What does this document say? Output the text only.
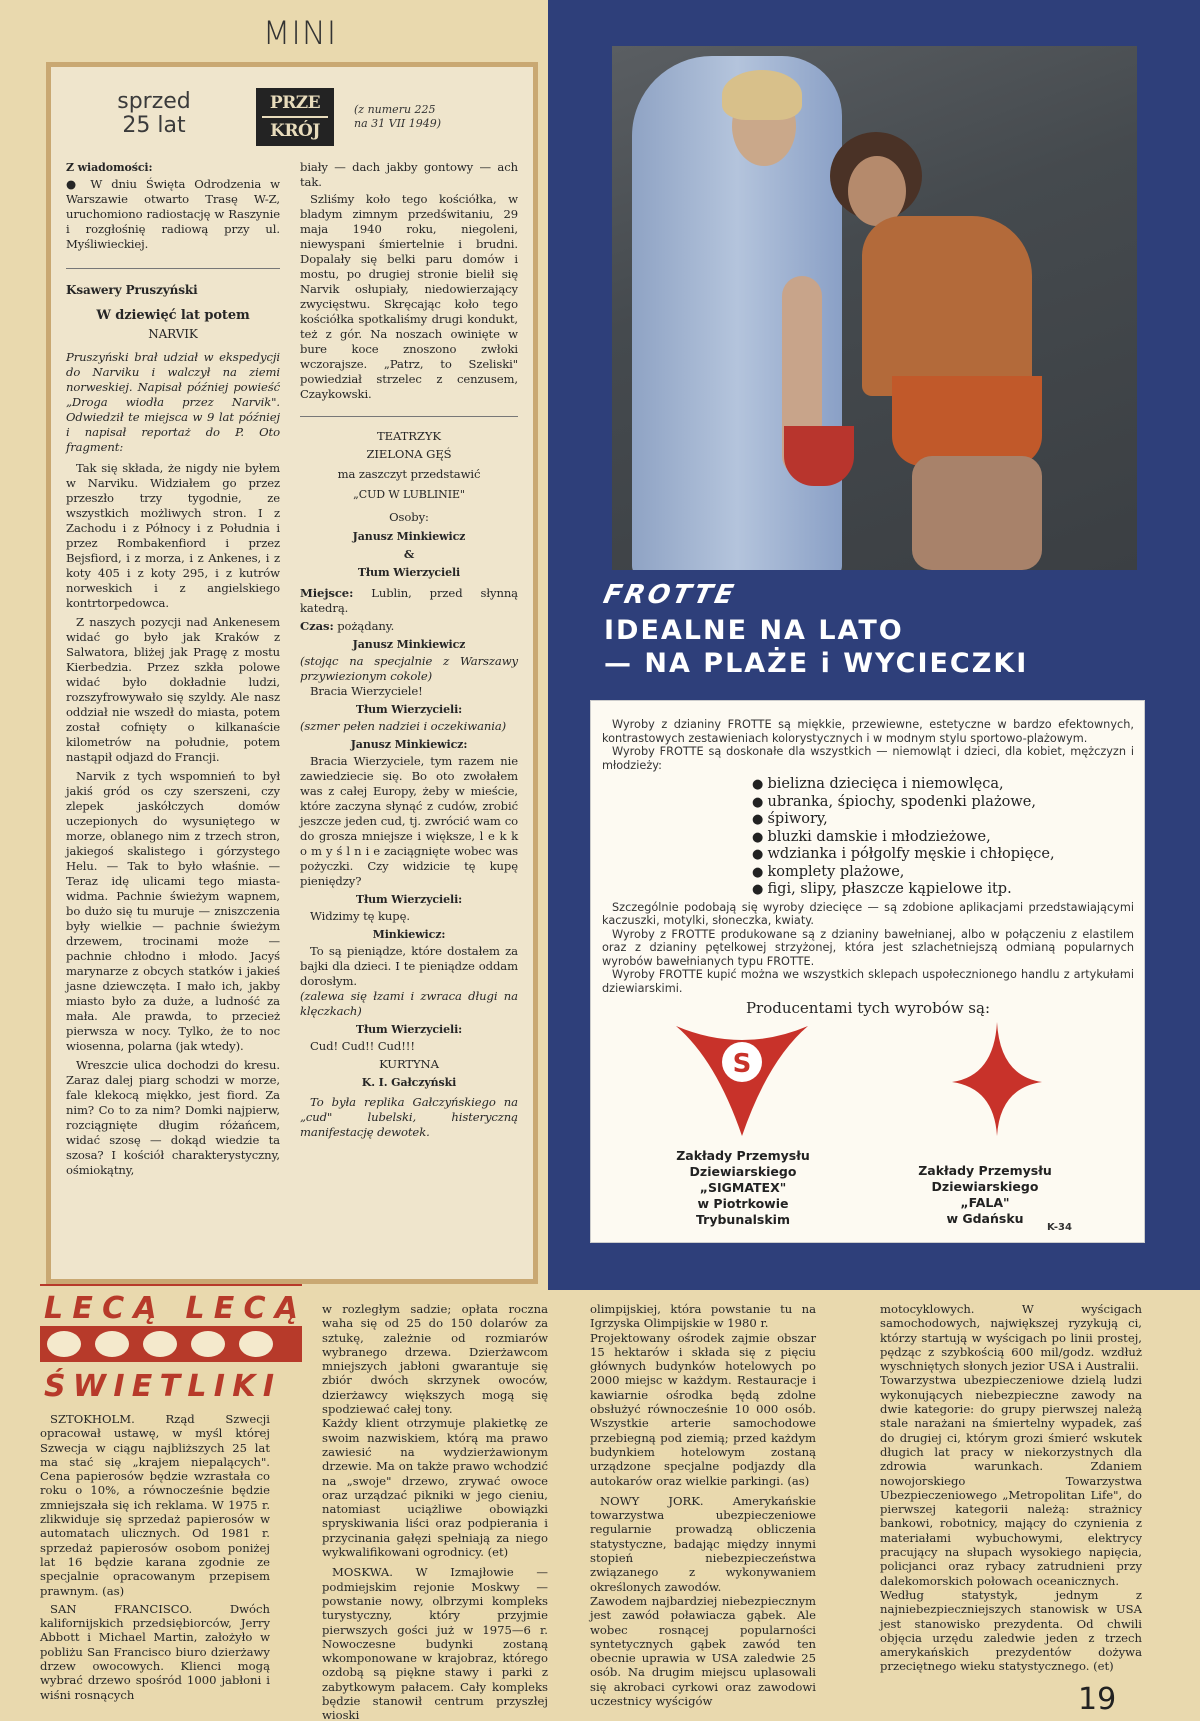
MINI
sprzed
25 lat
PRZE
KRÓJ
(z numeru 225
na 31 VII 1949)
Z wiadomości:
● W dniu Święta Odrodzenia w Warszawie otwarto Trasę W-Z, uruchomiono radiostację w Raszynie i rozgłośnię radiową przy ul. Myśliwieckiej.
Ksawery Pruszyński
W dziewięć lat potem
NARVIK
Pruszyński brał udział w ekspedycji do Narviku i walczył na ziemi norweskiej. Napisał później powieść „Droga wiodła przez Narvik". Odwiedził te miejsca w 9 lat później i napisał reportaż do P. Oto fragment:
Tak się składa, że nigdy nie byłem w Narviku. Widziałem go przez przeszło trzy tygodnie, ze wszystkich możliwych stron. I z Zachodu i z Północy i z Południa i przez Rombakenfiord i przez Bejsfiord, i z morza, i z Ankenes, i z koty 405 i z koty 295, i z kutrów norweskich i z angielskiego kontrtorpedowca.
Z naszych pozycji nad Ankenesem widać go było jak Kraków z Salwatora, bliżej jak Pragę z mostu Kierbedzia. Przez szkła polowe widać było dokładnie ludzi, rozszyfrowywało się szyldy. Ale nasz oddział nie wszedł do miasta, potem został cofnięty o kilkanaście kilometrów na południe, potem nastąpił odjazd do Francji.
Narvik z tych wspomnień to był jakiś gród os czy szerszeni, czy zlepek jaskółczych domów uczepionych do wysuniętego w morze, oblanego nim z trzech stron, jakiegoś skalistego i górzystego Helu. — Tak to było właśnie. — Teraz idę ulicami tego miasta-widma. Pachnie świeżym wapnem, bo dużo się tu muruje — zniszczenia były wielkie — pachnie świeżym drzewem, trocinami może — pachnie chłodno i młodo. Jacyś marynarze z obcych statków i jakieś jasne dziewczęta. I mało ich, jakby miasto było za duże, a ludność za mała. Ale prawda, to przecież pierwsza w nocy. Tylko, że to noc wiosenna, polarna (jak wtedy).
Wreszcie ulica dochodzi do kresu. Zaraz dalej piarg schodzi w morze, fale klekocą miękko, jest fiord. Za nim? Co to za nim? Domki najpierw, rozciągnięte długim różańcem, widać szosę — dokąd wiedzie ta szosa? I kościół charakterystyczny, ośmiokątny,
biały — dach jakby gontowy — ach tak.
Szliśmy koło tego kościółka, w bladym zimnym przedświtaniu, 29 maja 1940 roku, niegoleni, niewyspani śmiertelnie i brudni. Dopalały się belki paru domów i mostu, po drugiej stronie bielił się Narvik osłupiały, niedowierzający zwycięstwu. Skręcając koło tego kościółka spotkaliśmy drugi kondukt, też z gór. Na noszach owinięte w bure koce znoszono zwłoki wczorajsze. „Patrz, to Szeliski" powiedział strzelec z cenzusem, Czaykowski.
TEATRZYK
ZIELONA GĘŚ
ma zaszczyt przedstawić
„CUD W LUBLINIE"
Osoby:
Janusz Minkiewicz
&
Tłum Wierzycieli
Miejsce: Lublin, przed słynną katedrą.
Czas: pożądany.
Janusz Minkiewicz
(stojąc na specjalnie z Warszawy przywiezionym cokole)
Bracia Wierzyciele!
Tłum Wierzycieli:
(szmer pełen nadziei i oczekiwania)
Janusz Minkiewicz:
Bracia Wierzyciele, tym razem nie zawiedziecie się. Bo oto zwołałem was z całej Europy, żeby w mieście, które zaczyna słynąć z cudów, zrobić jeszcze jeden cud, tj. zwrócić wam co do grosza mniejsze i większe, l e k k o m y ś l n i e zaciągnięte wobec was pożyczki. Czy widzicie tę kupę pieniędzy?
Tłum Wierzycieli:
Widzimy tę kupę.
Minkiewicz:
To są pieniądze, które dostałem za bajki dla dzieci. I te pieniądze oddam dorosłym.
(zalewa się łzami i zwraca długi na klęczkach)
Tłum Wierzycieli:
Cud! Cud!! Cud!!!
KURTYNA
K. I. Gałczyński
To była replika Gałczyńskiego na „cud" lubelski, histeryczną manifestację dewotek.
FROTTE
IDEALNE NA LATO
— NA PLAŻE i WYCIECZKI
Wyroby z dzianiny FROTTE są miękkie, przewiewne, estetyczne w bardzo efektownych, kontrastowych zestawieniach kolorystycznych i w modnym stylu sportowo-plażowym.
Wyroby FROTTE są doskonałe dla wszystkich — niemowląt i dzieci, dla kobiet, mężczyzn i młodzieży:
● bielizna dziecięca i niemowlęca,
● ubranka, śpiochy, spodenki plażowe,
● śpiwory,
● bluzki damskie i młodzieżowe,
● wdzianka i półgolfy męskie i chłopięce,
● komplety plażowe,
● figi, slipy, płaszcze kąpielowe itp.
Szczególnie podobają się wyroby dziecięce — są zdobione aplikacjami przedstawiającymi kaczuszki, motylki, słoneczka, kwiaty.
Wyroby z FROTTE produkowane są z dzianiny bawełnianej, albo w połączeniu z elastilem oraz z dzianiny pętelkowej strzyżonej, która jest szlachetniejszą odmianą popularnych wyrobów bawełnianych typu FROTTE.
Wyroby FROTTE kupić można we wszystkich sklepach uspołecznionego handlu z artykułami dziewiarskimi.
Producentami tych wyrobów są:
S
Zakłady Przemysłu
Dziewiarskiego
„SIGMATEX"
w Piotrkowie
Trybunalskim
Zakłady Przemysłu
Dziewiarskiego
„FALA"
w Gdańsku
K-34
LECĄ LECĄ
ŚWIETLIKI
SZTOKHOLM. Rząd Szwecji opracował ustawę, w myśl której Szwecja w ciągu najbliższych 25 lat ma stać się „krajem niepalących". Cena papierosów będzie wzrastała co roku o 10%, a równocześnie będzie zmniejszała się ich reklama. W 1975 r. zlikwiduje się sprzedaż papierosów w automatach ulicznych. Od 1981 r. sprzedaż papierosów osobom poniżej lat 16 będzie karana zgodnie ze specjalnie opracowanym przepisem prawnym. (as)
SAN FRANCISCO. Dwóch kalifornijskich przedsiębiorców, Jerry Abbott i Michael Martin, założyło w pobliżu San Francisco biuro dzierżawy drzew owocowych. Klienci mogą wybrać drzewo spośród 1000 jabłoni i wiśni rosnących
w rozległym sadzie; opłata roczna waha się od 25 do 150 dolarów za sztukę, zależnie od rozmiarów wybranego drzewa. Dzierżawcom mniejszych jabłoni gwarantuje się zbiór dwóch skrzynek owoców, dzierżawcy większych mogą się spodziewać całej tony.
Każdy klient otrzymuje plakietkę ze swoim nazwiskiem, którą ma prawo zawiesić na wydzierżawionym drzewie. Ma on także prawo wchodzić na „swoje" drzewo, zrywać owoce oraz urządzać pikniki w jego cieniu, natomiast uciążliwe obowiązki spryskiwania liści oraz podpierania i przycinania gałęzi spełniają za niego wykwalifikowani ogrodnicy. (et)
MOSKWA. W Izmajłowie — podmiejskim rejonie Moskwy — powstanie nowy, olbrzymi kompleks turystyczny, który przyjmie pierwszych gości już w 1975—6 r. Nowoczesne budynki zostaną wkomponowane w krajobraz, którego ozdobą są piękne stawy i parki z zabytkowym pałacem. Cały kompleks będzie stanowił centrum przyszłej wioski
olimpijskiej, która powstanie tu na Igrzyska Olimpijskie w 1980 r.
Projektowany ośrodek zajmie obszar 15 hektarów i składa się z pięciu głównych budynków hotelowych po 2000 miejsc w każdym. Restauracje i kawiarnie ośrodka będą zdolne obsłużyć równocześnie 10 000 osób. Wszystkie arterie samochodowe przebiegną pod ziemią; przed każdym budynkiem hotelowym zostaną urządzone specjalne podjazdy dla autokarów oraz wielkie parkingi. (as)
NOWY JORK. Amerykańskie towarzystwa ubezpieczeniowe regularnie prowadzą obliczenia statystyczne, badając między innymi stopień niebezpieczeństwa związanego z wykonywaniem określonych zawodów.
Zawodem najbardziej niebezpiecznym jest zawód poławiacza gąbek. Ale wobec rosnącej popularności syntetycznych gąbek zawód ten obecnie uprawia w USA zaledwie 25 osób. Na drugim miejscu uplasowali się akrobaci cyrkowi oraz zawodowi uczestnicy wyścigów
motocyklowych. W wyścigach samochodowych, największej ryzykują ci, którzy startują w wyścigach po linii prostej, pędząc z szybkością 600 mil/godz. wzdłuż wyschniętych słonych jezior USA i Australii.
Towarzystwa ubezpieczeniowe dzielą ludzi wykonujących niebezpieczne zawody na dwie kategorie: do grupy pierwszej należą stale narażani na śmiertelny wypadek, zaś do drugiej ci, którym grozi śmierć wskutek długich lat pracy w niekorzystnych dla zdrowia warunkach. Zdaniem nowojorskiego Towarzystwa Ubezpieczeniowego „Metropolitan Life", do pierwszej kategorii należą: strażnicy bankowi, robotnicy, mający do czynienia z materiałami wybuchowymi, elektrycy pracujący na słupach wysokiego napięcia, policjanci oraz rybacy zatrudnieni przy dalekomorskich połowach oceanicznych.
Według statystyk, jednym z najniebezpieczniejszych stanowisk w USA jest stanowisko prezydenta. Od chwili objęcia urzędu zaledwie jeden z trzech amerykańskich prezydentów dożywa przeciętnego wieku statystycznego. (et)
19
